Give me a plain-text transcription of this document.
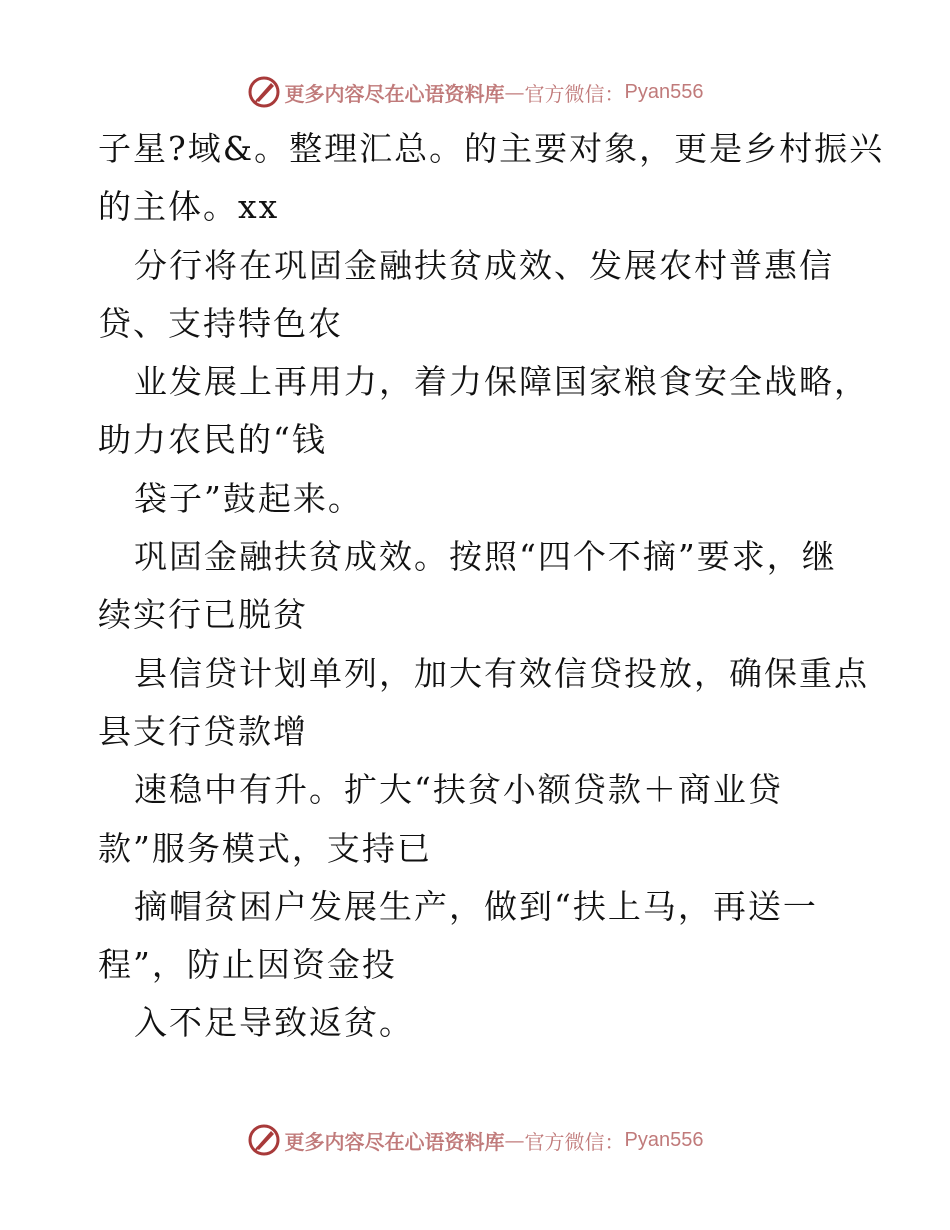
更多内容尽在心语资料库 — 官方微信： Pyan556
子星?域&。整理汇总。的主要对象，更是乡村振兴
的主体。xx
分行将在巩固金融扶贫成效、发展农村普惠信
贷、支持特色农
业发展上再用力，着力保障国家粮食安全战略，
助力农民的“钱
袋子”鼓起来。
巩固金融扶贫成效。按照“四个不摘”要求，继
续实行已脱贫
县信贷计划单列，加大有效信贷投放，确保重点
县支行贷款增
速稳中有升。扩大“扶贫小额贷款＋商业贷
款”服务模式，支持已
摘帽贫困户发展生产，做到“扶上马，再送一
程”，防止因资金投
入不足导致返贫。
更多内容尽在心语资料库 — 官方微信： Pyan556
